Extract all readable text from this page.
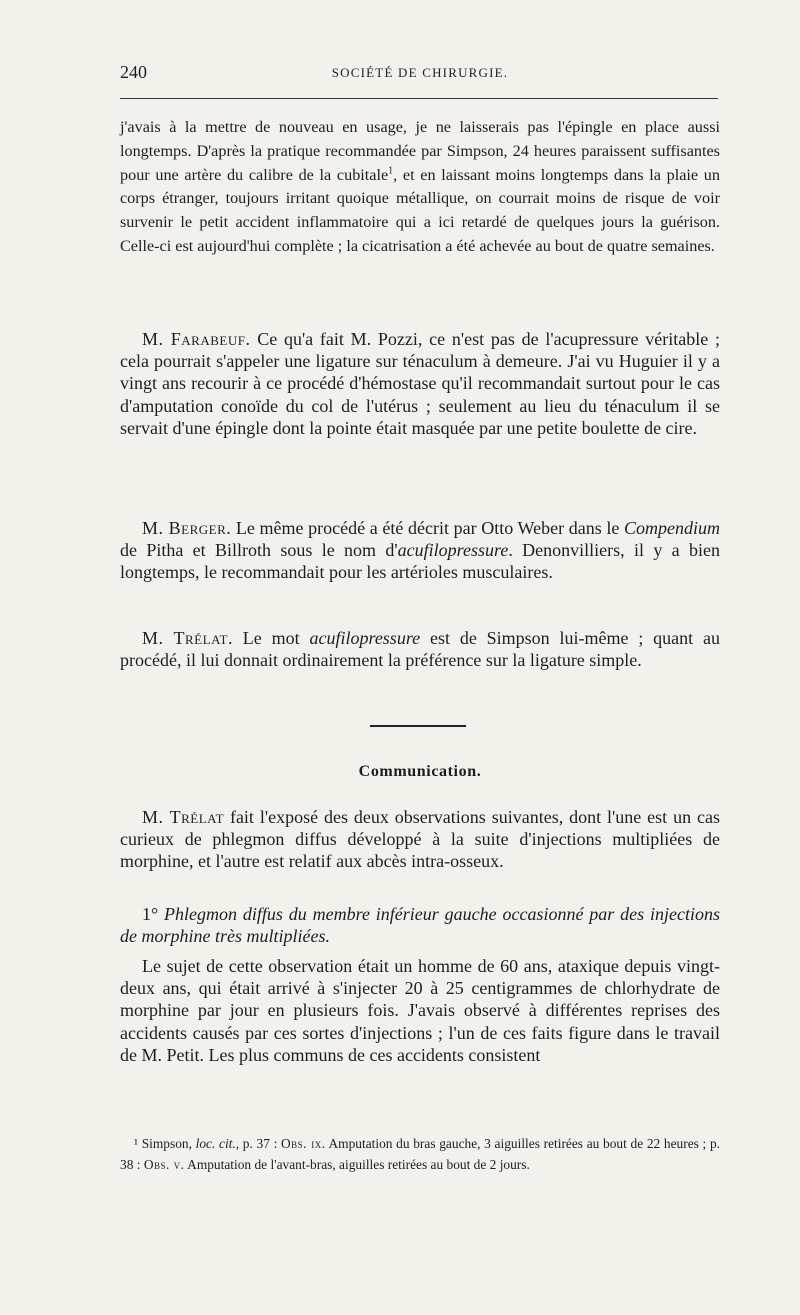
240	SOCIÉTÉ DE CHIRURGIE.
j'avais à la mettre de nouveau en usage, je ne laisserais pas l'épingle en place aussi longtemps. D'après la pratique recommandée par Simpson, 24 heures paraissent suffisantes pour une artère du calibre de la cubitale$^1$, et en laissant moins longtemps dans la plaie un corps étranger, toujours irritant quoique métallique, on courrait moins de risque de voir survenir le petit accident inflammatoire qui a ici retardé de quelques jours la guérison. Celle-ci est aujourd'hui complète ; la cicatrisation a été achevée au bout de quatre semaines.
M. Farabeuf. Ce qu'a fait M. Pozzi, ce n'est pas de l'acupressure véritable ; cela pourrait s'appeler une ligature sur ténaculum à demeure. J'ai vu Huguier il y a vingt ans recourir à ce procédé d'hémostase qu'il recommandait surtout pour le cas d'amputation conoïde du col de l'utérus ; seulement au lieu du ténaculum il se servait d'une épingle dont la pointe était masquée par une petite boulette de cire.
M. Berger. Le même procédé a été décrit par Otto Weber dans le Compendium de Pitha et Billroth sous le nom d'acufilopressure. Denonvilliers, il y a bien longtemps, le recommandait pour les artérioles musculaires.
M. Trélat. Le mot acufilopressure est de Simpson lui-même ; quant au procédé, il lui donnait ordinairement la préférence sur la ligature simple.
Communication.
M. Trélat fait l'exposé des deux observations suivantes, dont l'une est un cas curieux de phlegmon diffus développé à la suite d'injections multipliées de morphine, et l'autre est relatif aux abcès intra-osseux.
1° Phlegmon diffus du membre inférieur gauche occasionné par des injections de morphine très multipliées.
Le sujet de cette observation était un homme de 60 ans, ataxique depuis vingt-deux ans, qui était arrivé à s'injecter 20 à 25 centigrammes de chlorhydrate de morphine par jour en plusieurs fois. J'avais observé à différentes reprises des accidents causés par ces sortes d'injections ; l'un de ces faits figure dans le travail de M. Petit. Les plus communs de ces accidents consistent
¹ Simpson, loc. cit., p. 37 : Obs. ix. Amputation du bras gauche, 3 aiguilles retirées au bout de 22 heures ; p. 38 : Obs. v. Amputation de l'avant-bras, aiguilles retirées au bout de 2 jours.
